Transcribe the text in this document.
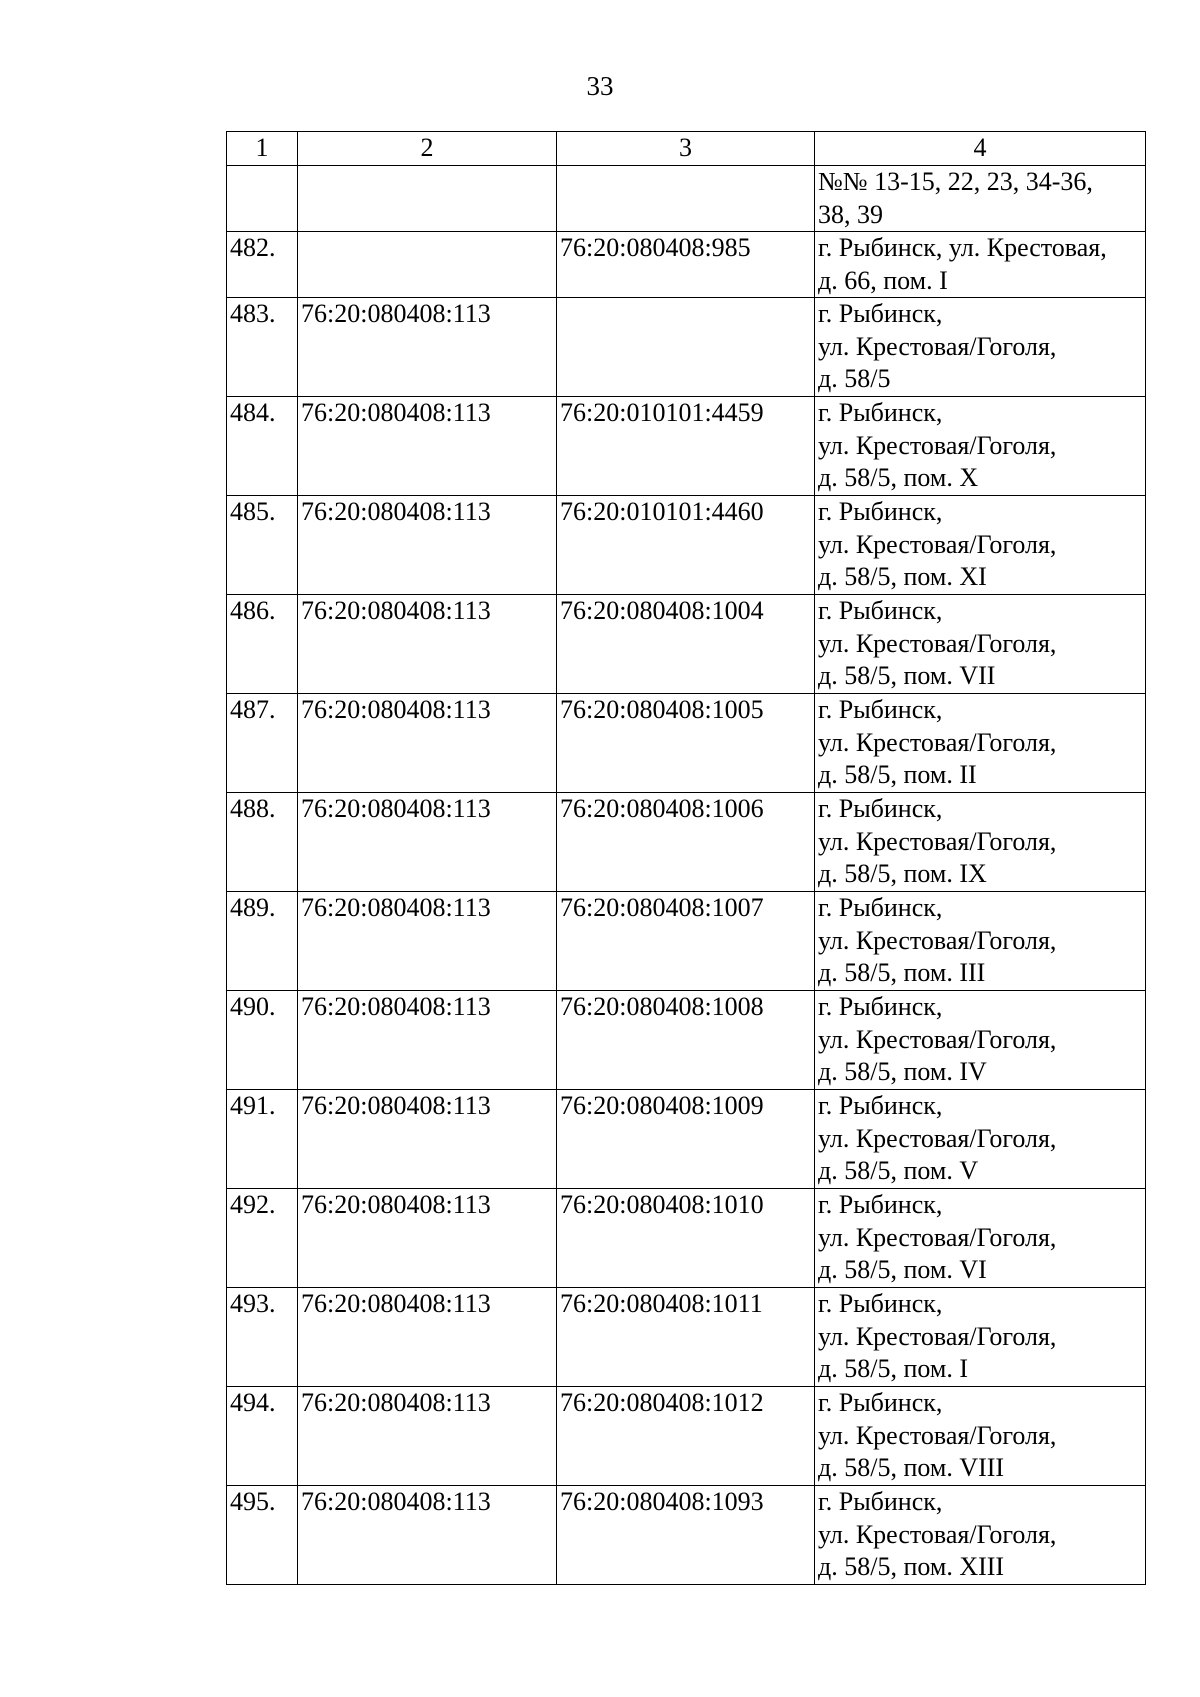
33
1	2	3	4

			№№ 13-15, 22, 23, 34-36,
38, 39

482.		76:20:080408:985	г. Рыбинск, ул. Крестовая,
д. 66, пом. I

483.	76:20:080408:113		г. Рыбинск,
ул. Крестовая/Гоголя,
д. 58/5

484.	76:20:080408:113	76:20:010101:4459	г. Рыбинск,
ул. Крестовая/Гоголя,
д. 58/5, пом. X

485.	76:20:080408:113	76:20:010101:4460	г. Рыбинск,
ул. Крестовая/Гоголя,
д. 58/5, пом. XI

486.	76:20:080408:113	76:20:080408:1004	г. Рыбинск,
ул. Крестовая/Гоголя,
д. 58/5, пом. VII

487.	76:20:080408:113	76:20:080408:1005	г. Рыбинск,
ул. Крестовая/Гоголя,
д. 58/5, пом. II

488.	76:20:080408:113	76:20:080408:1006	г. Рыбинск,
ул. Крестовая/Гоголя,
д. 58/5, пом. IX

489.	76:20:080408:113	76:20:080408:1007	г. Рыбинск,
ул. Крестовая/Гоголя,
д. 58/5, пом. III

490.	76:20:080408:113	76:20:080408:1008	г. Рыбинск,
ул. Крестовая/Гоголя,
д. 58/5, пом. IV

491.	76:20:080408:113	76:20:080408:1009	г. Рыбинск,
ул. Крестовая/Гоголя,
д. 58/5, пом. V

492.	76:20:080408:113	76:20:080408:1010	г. Рыбинск,
ул. Крестовая/Гоголя,
д. 58/5, пом. VI

493.	76:20:080408:113	76:20:080408:1011	г. Рыбинск,
ул. Крестовая/Гоголя,
д. 58/5, пом. I

494.	76:20:080408:113	76:20:080408:1012	г. Рыбинск,
ул. Крестовая/Гоголя,
д. 58/5, пом. VIII

495.	76:20:080408:113	76:20:080408:1093	г. Рыбинск,
ул. Крестовая/Гоголя,
д. 58/5, пом. XIII
